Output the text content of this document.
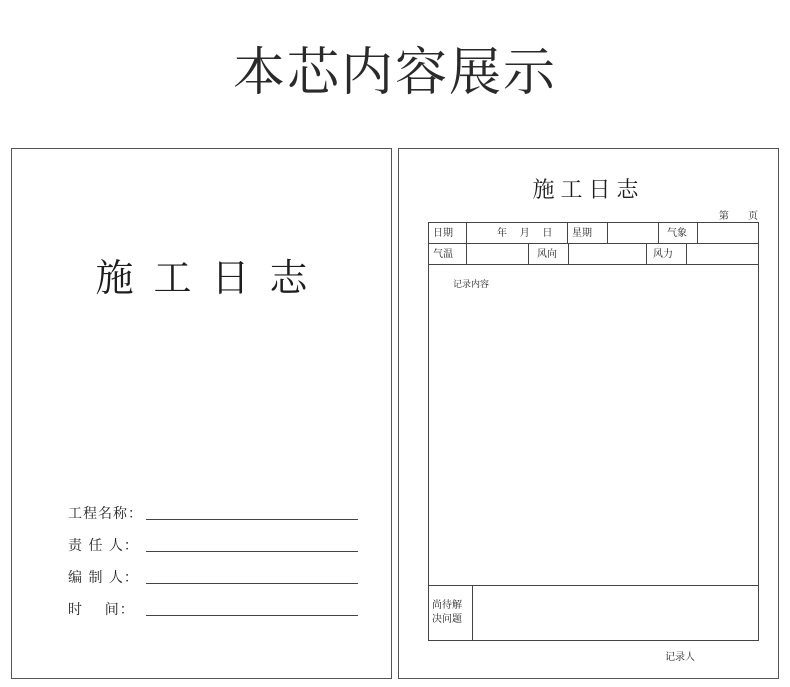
本芯内容展示
施工日志
工程名称：
责 任 人：
编 制 人：
时    间：
施工日志
第      页
日期	年    月    日	星期	气象
气温	风向	风力
记录内容
尚待解
决问题
记录人
